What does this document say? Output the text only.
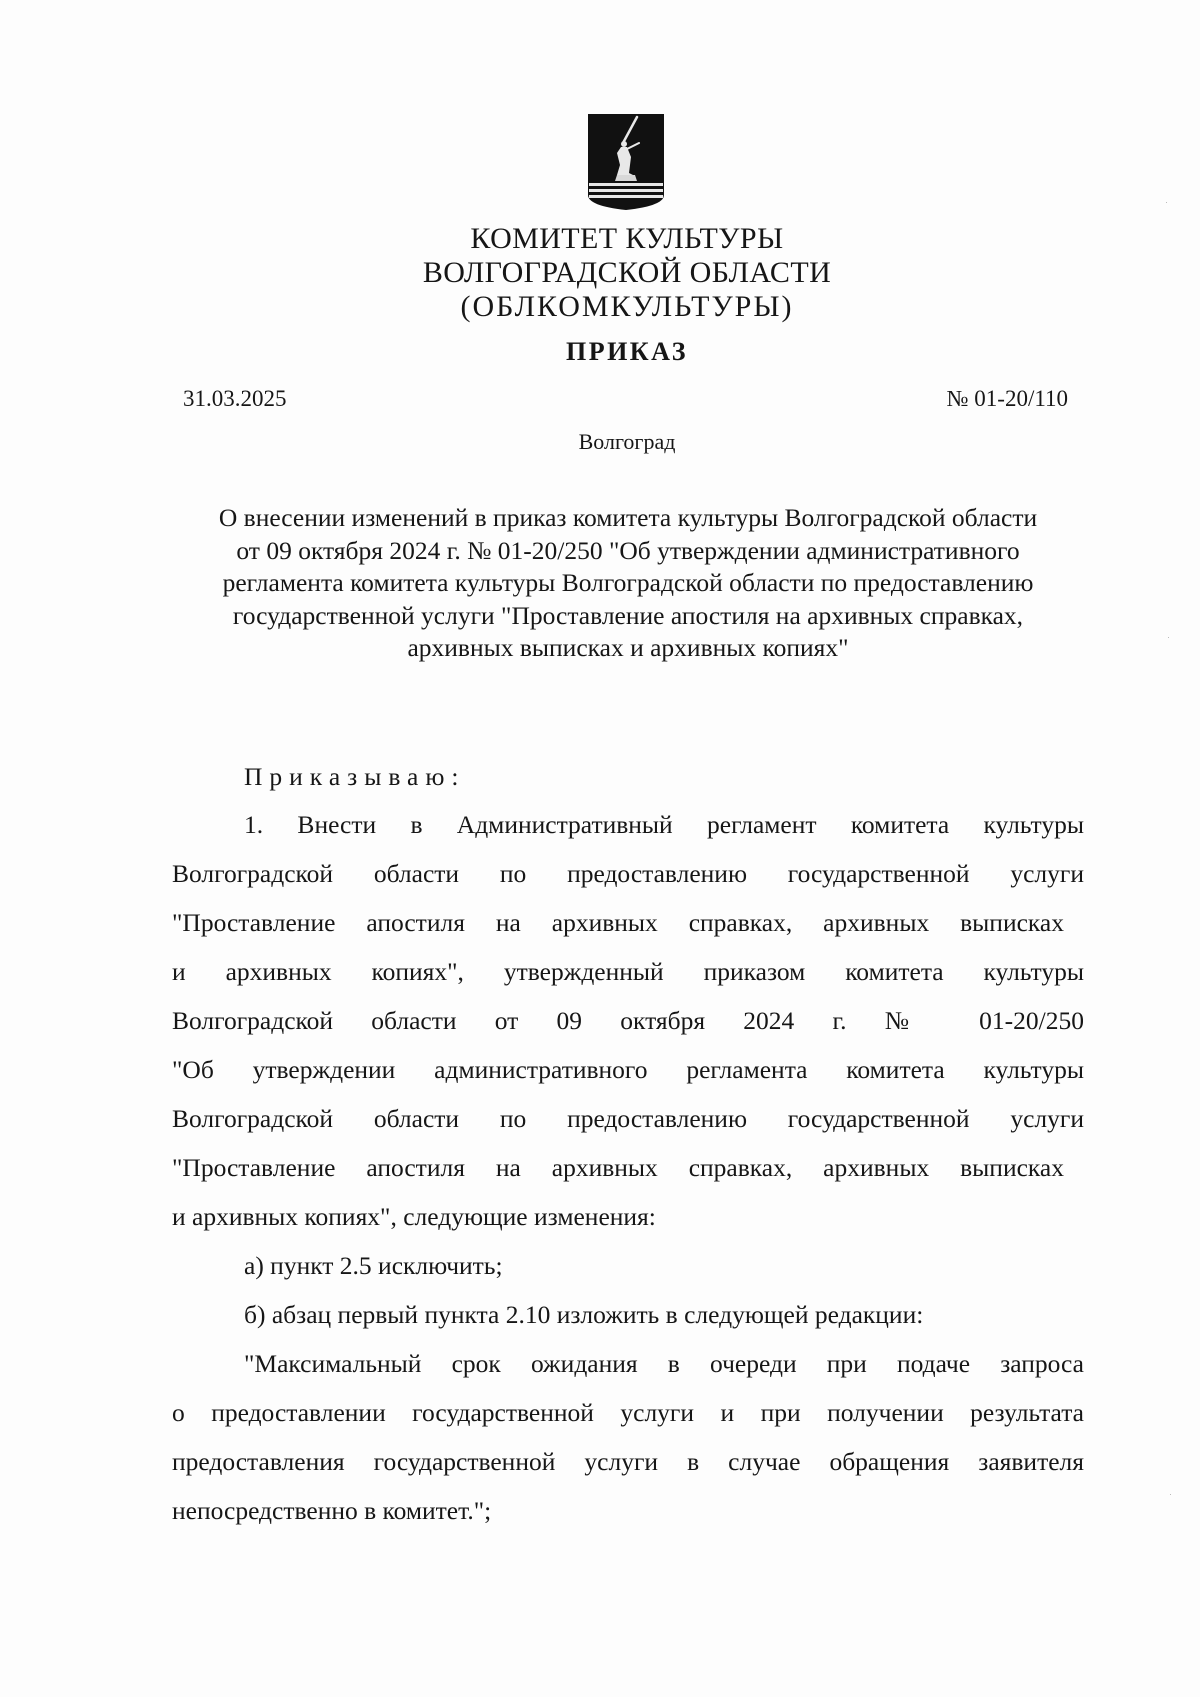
КОМИТЕТ КУЛЬТУРЫ
ВОЛГОГРАДСКОЙ ОБЛАСТИ
(ОБЛКОМКУЛЬТУРЫ)
ПРИКАЗ
31.03.2025	№ 01-20/110
Волгоград
О внесении изменений в приказ комитета культуры Волгоградской области
от 09 октября 2024 г. № 01-20/250 "Об утверждении административного
регламента комитета культуры Волгоградской области по предоставлению
государственной услуги "Проставление апостиля на архивных справках,
архивных выписках и архивных копиях"
Приказываю:
1. Внести в Административный регламент комитета культуры
Волгоградской области по предоставлению государственной услуги
"Проставление апостиля на архивных справках, архивных выписках
и архивных копиях", утвержденный приказом комитета культуры
Волгоградской области от 09 октября 2024 г. № 01-20/250
"Об утверждении административного регламента комитета культуры
Волгоградской области по предоставлению государственной услуги
"Проставление апостиля на архивных справках, архивных выписках
и архивных копиях", следующие изменения:
а) пункт 2.5 исключить;
б) абзац первый пункта 2.10 изложить в следующей редакции:
"Максимальный срок ожидания в очереди при подаче запроса
о предоставлении государственной услуги и при получении результата
предоставления государственной услуги в случае обращения заявителя
непосредственно в комитет.";
